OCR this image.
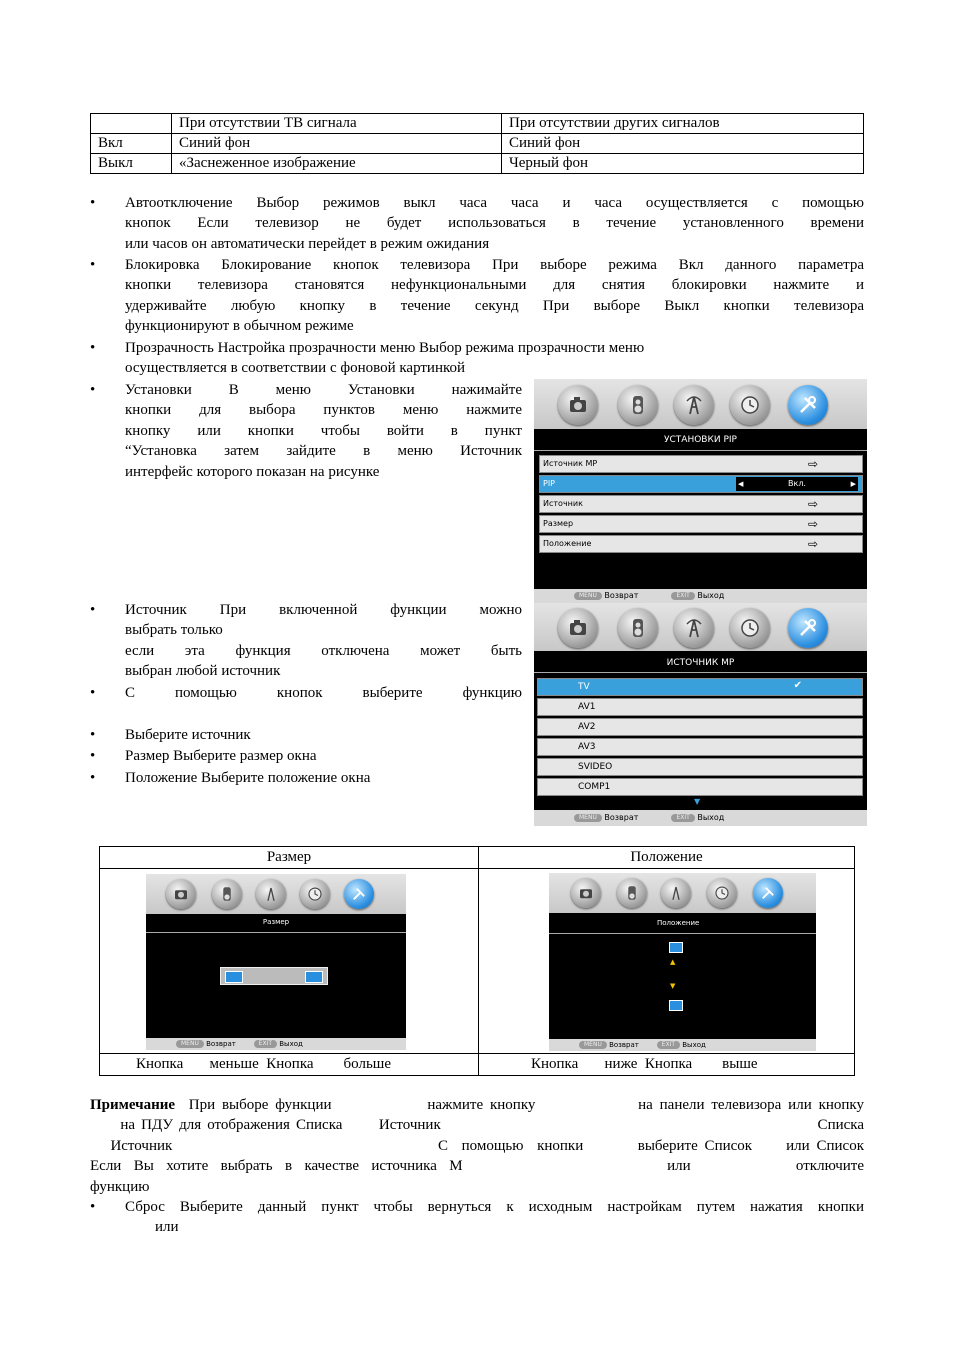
	При отсутствии ТВ сигнала	При отсутствии других сигналов
Вкл	Синий фон	Синий фон
Выкл	«Заснеженное изображение	Черный фон
• Автоотключение Выбор режимов выкл часа часа и часа осуществляется с помощью
кнопок Если телевизор не будет использоваться в течение установленного времени
или часов он автоматически перейдет в режим ожидания
• Блокировка Блокирование кнопок телевизора При выборе режима Вкл данного параметра
кнопки телевизора становятся нефункциональными для снятия блокировки нажмите и
удерживайте любую кнопку в течение секунд При выборе Выкл кнопки телевизора
функционируют в обычном режиме
• Прозрачность Настройка прозрачности меню Выбор режима прозрачности меню
осуществляется в соответствии с фоновой картинкой
• Установки В меню Установки нажимайте
кнопки для выбора пунктов меню нажмите
кнопку или кнопки чтобы войти в пункт
“Установка затем зайдите в меню Источник
интерфейс которого показан на рисунке
• Источник При включенной функции можно
выбрать только
если эта функция отключена может быть
выбран любой источник
• С помощью кнопок выберите функцию
• Выберите источник
• Размер Выберите размер окна
• Положение Выберите положение окна
УСТАНОВКИ PIP
Источник MP	⇨
PIP	◀	Вкл.	▶
Источник	⇨
Размер	⇨
Положение	⇨
MENU Возврат	EXIT Выход
ИСТОЧНИК MP
TV	✔
AV1
AV2
AV3
SVIDEO
COMP1
▼
MENU Возврат	EXIT Выход
Размер	Положение

Кнопка       меньше  Кнопка        больше	Кнопка       ниже  Кнопка        выше
Размер
MENU Возврат	EXIT Выход
Положение
▲
▼
MENU Возврат	EXIT Выход
Примечание  При выборе функции              нажмите кнопку               на панели телевизора или кнопку
на ПДУ для отображения Списка      Источник                                                              Списка
Источник                                       С  помощью  кнопки        выберите Список     или Список
Если  Вы  хотите  выбрать  в  качестве  источника  М                                 или                 отключите
функцию
• Сброс Выберите данный пункт чтобы вернуться к исходным настройкам путем нажатия кнопки
или
